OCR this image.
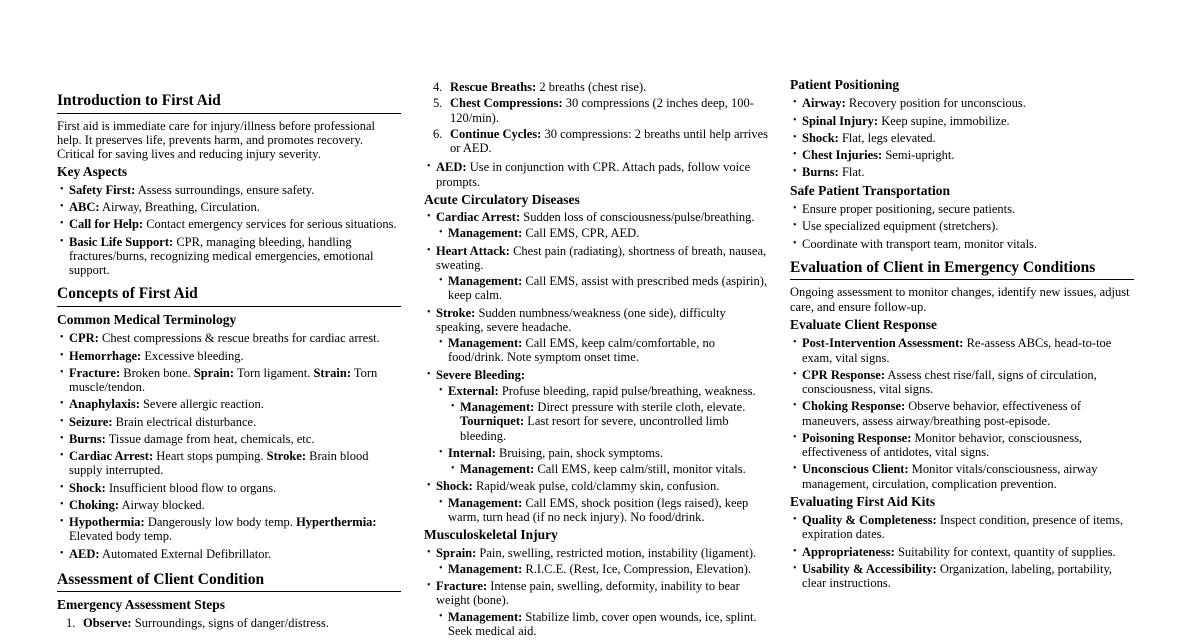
Introduction to First Aid

First aid is immediate care for injury/illness before professional help. It preserves life, prevents harm, and promotes recovery. Critical for saving lives and reducing injury severity.

Key Aspects
• Safety First: Assess surroundings, ensure safety.
• ABC: Airway, Breathing, Circulation.
• Call for Help: Contact emergency services for serious situations.
• Basic Life Support: CPR, managing bleeding, handling fractures/burns, recognizing medical emergencies, emotional support.
Concepts of First Aid
Common Medical Terminology
• CPR: Chest compressions & rescue breaths for cardiac arrest.
• Hemorrhage: Excessive bleeding.
• Fracture: Broken bone. Sprain: Torn ligament. Strain: Torn muscle/tendon.
• Anaphylaxis: Severe allergic reaction.
• Seizure: Brain electrical disturbance.
• Burns: Tissue damage from heat, chemicals, etc.
• Cardiac Arrest: Heart stops pumping. Stroke: Brain blood supply interrupted.
• Shock: Insufficient blood flow to organs.
• Choking: Airway blocked.
• Hypothermia: Dangerously low body temp. Hyperthermia: Elevated body temp.
• AED: Automated External Defibrillator.
Assessment of Client Condition
Emergency Assessment Steps
1. Observe: Surroundings, signs of danger/distress.
4. Rescue Breaths: 2 breaths (chest rise).
5. Chest Compressions: 30 compressions (2 inches deep, 100-120/min).
6. Continue Cycles: 30 compressions: 2 breaths until help arrives or AED.
• AED: Use in conjunction with CPR. Attach pads, follow voice prompts.
Acute Circulatory Diseases
• Cardiac Arrest: Sudden loss of consciousness/pulse/breathing.
• Management: Call EMS, CPR, AED.
• Heart Attack: Chest pain (radiating), shortness of breath, nausea, sweating.
• Management: Call EMS, assist with prescribed meds (aspirin), keep calm.
• Stroke: Sudden numbness/weakness (one side), difficulty speaking, severe headache.
• Management: Call EMS, keep calm/comfortable, no food/drink. Note symptom onset time.
• Severe Bleeding:
• External: Profuse bleeding, rapid pulse/breathing, weakness.
• Management: Direct pressure with sterile cloth, elevate. Tourniquet: Last resort for severe, uncontrolled limb bleeding.
• Internal: Bruising, pain, shock symptoms.
• Management: Call EMS, keep calm/still, monitor vitals.
• Shock: Rapid/weak pulse, cold/clammy skin, confusion.
• Management: Call EMS, shock position (legs raised), keep warm, turn head (if no neck injury). No food/drink.
Musculoskeletal Injury
• Sprain: Pain, swelling, restricted motion, instability (ligament).
• Management: R.I.C.E. (Rest, Ice, Compression, Elevation).
• Fracture: Intense pain, swelling, deformity, inability to bear weight (bone).
• Management: Stabilize limb, cover open wounds, ice, splint. Seek medical aid.
Patient Positioning
• Airway: Recovery position for unconscious.
• Spinal Injury: Keep supine, immobilize.
• Shock: Flat, legs elevated.
• Chest Injuries: Semi-upright.
• Burns: Flat.
Safe Patient Transportation
• Ensure proper positioning, secure patients.
• Use specialized equipment (stretchers).
• Coordinate with transport team, monitor vitals.
Evaluation of Client in Emergency Conditions

Ongoing assessment to monitor changes, identify new issues, adjust care, and ensure follow-up.

Evaluate Client Response
• Post-Intervention Assessment: Re-assess ABCs, head-to-toe exam, vital signs.
• CPR Response: Assess chest rise/fall, signs of circulation, consciousness, vital signs.
• Choking Response: Observe behavior, effectiveness of maneuvers, assess airway/breathing post-episode.
• Poisoning Response: Monitor behavior, consciousness, effectiveness of antidotes, vital signs.
• Unconscious Client: Monitor vitals/consciousness, airway management, circulation, complication prevention.
Evaluating First Aid Kits
• Quality & Completeness: Inspect condition, presence of items, expiration dates.
• Appropriateness: Suitability for context, quantity of supplies.
• Usability & Accessibility: Organization, labeling, portability, clear instructions.
